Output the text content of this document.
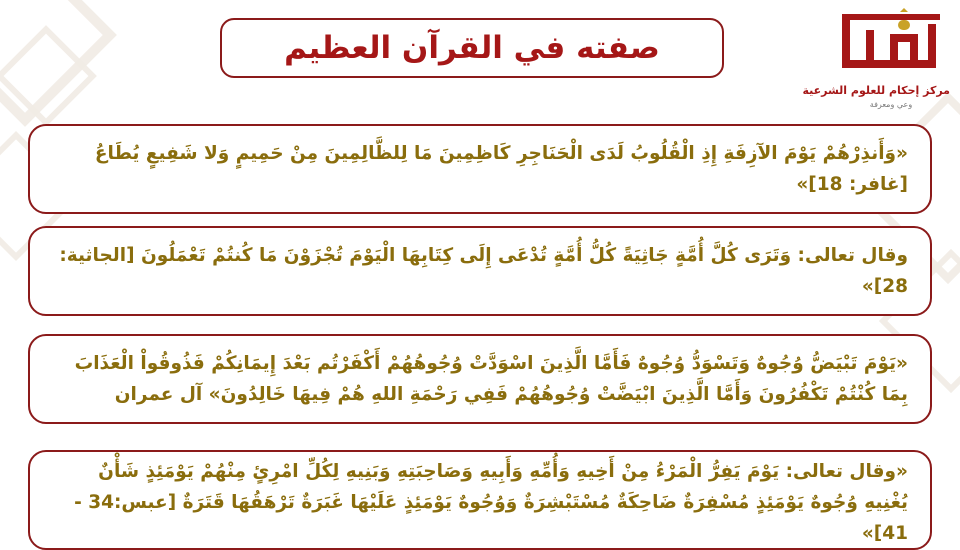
صفته في القرآن العظيم
مركز إحكام للعلوم الشرعية
وعي ومعرفة
«وَأَنذِرْهُمْ يَوْمَ الآزِفَةِ إِذِ الْقُلُوبُ لَدَى الْحَنَاجِرِ كَاظِمِينَ مَا لِلظَّالِمِينَ مِنْ حَمِيمٍ وَلا شَفِيعٍ يُطَاعُ [غافر: 18]»
وقال تعالى: وَتَرَى كُلَّ أُمَّةٍ جَاثِيَةً كُلُّ أُمَّةٍ تُدْعَى إِلَى كِتَابِهَا الْيَوْمَ تُجْزَوْنَ مَا كُنتُمْ تَعْمَلُونَ [الجاثية: 28]»
«يَوْمَ تَبْيَضُّ وُجُوهٌ وَتَسْوَدُّ وُجُوهٌ فَأَمَّا الَّذِينَ اسْوَدَّتْ وُجُوهُهُمْ أَكْفَرْتُم بَعْدَ إِيمَانِكُمْ فَذُوقُواْ الْعَذَابَ بِمَا كُنْتُمْ تَكْفُرُونَ وَأَمَّا الَّذِينَ ابْيَضَّتْ وُجُوهُهُمْ فَفِي رَحْمَةِ اللهِ هُمْ فِيهَا خَالِدُونَ» آل عمران
«وقال تعالى: يَوْمَ يَفِرُّ الْمَرْءُ مِنْ أَخِيهِ وَأُمِّهِ وَأَبِيهِ وَصَاحِبَتِهِ وَبَنِيهِ لِكُلِّ امْرِئٍ مِنْهُمْ يَوْمَئِذٍ شَأْنٌ يُغْنِيهِ وُجُوهٌ يَوْمَئِذٍ مُسْفِرَةٌ ضَاحِكَةٌ مُسْتَبْشِرَةٌ وَوُجُوهٌ يَوْمَئِذٍ عَلَيْهَا غَبَرَةٌ تَرْهَقُهَا قَتَرَةٌ [عبس:34 - 41]»
